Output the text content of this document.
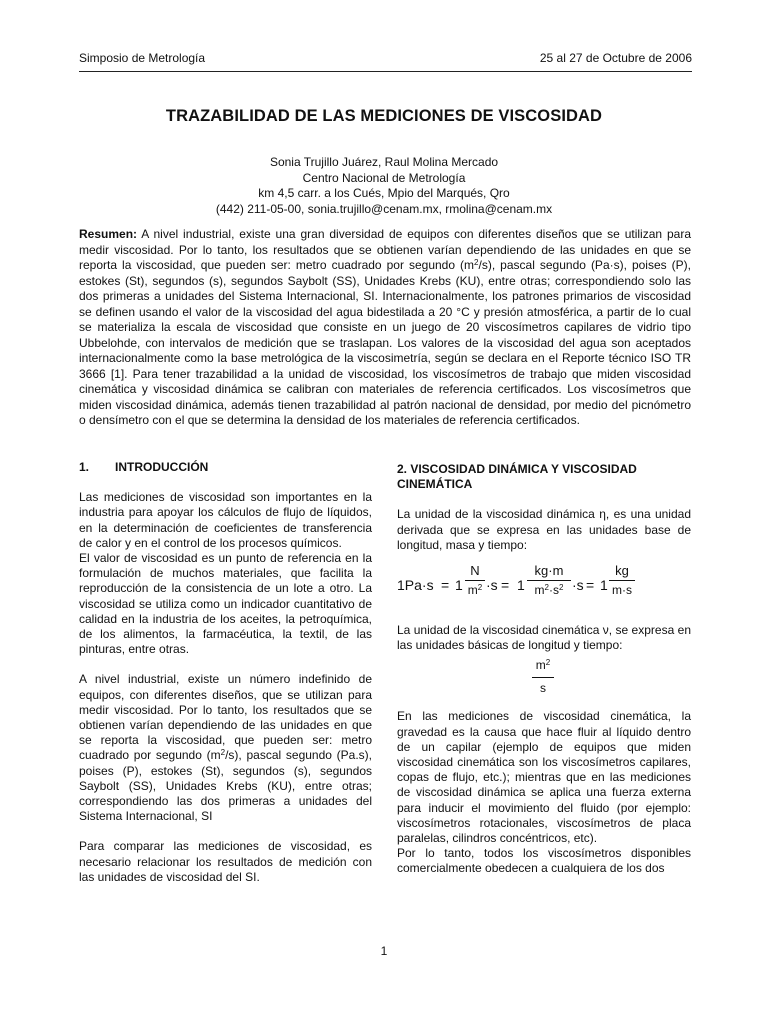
Simposio de Metrología	25 al 27 de Octubre de 2006
TRAZABILIDAD DE LAS MEDICIONES DE VISCOSIDAD
Sonia Trujillo Juárez, Raul Molina Mercado
Centro Nacional de Metrología
km 4,5 carr. a los Cués, Mpio del Marqués, Qro
(442) 211-05-00, sonia.trujillo@cenam.mx, rmolina@cenam.mx

Resumen: A nivel industrial, existe una gran diversidad de equipos con diferentes diseños que se utilizan para medir viscosidad. Por lo tanto, los resultados que se obtienen varían dependiendo de las unidades en que se reporta la viscosidad, que pueden ser: metro cuadrado por segundo $(m^2/s)$, pascal segundo (Pa·s), poises (P), estokes (St), segundos (s), segundos Saybolt (SS), Unidades Krebs (KU), entre otras; correspondiendo solo las dos primeras a unidades del Sistema Internacional, SI. Internacionalmente, los patrones primarios de viscosidad se definen usando el valor de la viscosidad del agua bidestilada a 20 °C y presión atmosférica, a partir de lo cual se materializa la escala de viscosidad que consiste en un juego de 20 viscosímetros capilares de vidrio tipo Ubbelohde, con intervalos de medición que se traslapan. Los valores de la viscosidad del agua son aceptados internacionalmente como la base metrológica de la viscosimetría, según se declara en el Reporte técnico ISO TR 3666 [1]. Para tener trazabilidad a la unidad de viscosidad, los viscosímetros de trabajo que miden viscosidad cinemática y viscosidad dinámica se calibran con materiales de referencia certificados. Los viscosímetros que miden viscosidad dinámica, además tienen trazabilidad al patrón nacional de densidad, por medio del picnómetro o densímetro con el que se determina la densidad de los materiales de referencia certificados.

1. INTRODUCCIÓN

Las mediciones de viscosidad son importantes en la industria para apoyar los cálculos de flujo de líquidos, en la determinación de coeficientes de transferencia de calor y en el control de los procesos químicos.

El valor de viscosidad es un punto de referencia en la formulación de muchos materiales, que facilita la reproducción de la consistencia de un lote a otro. La viscosidad se utiliza como un indicador cuantitativo de calidad en la industria de los aceites, la petroquímica, de los alimentos, la farmacéutica, la textil, de las pinturas, entre otras.

A nivel industrial, existe un número indefinido de equipos, con diferentes diseños, que se utilizan para medir viscosidad. Por lo tanto, los resultados que se obtienen varían dependiendo de las unidades en que se reporta la viscosidad, que pueden ser: metro cuadrado por segundo $(m^2/s)$, pascal segundo (Pa.s), poises (P), estokes (St), segundos (s), segundos Saybolt (SS), Unidades Krebs (KU), entre otras; correspondiendo las dos primeras a unidades del Sistema Internacional, SI

Para comparar las mediciones de viscosidad, es necesario relacionar los resultados de medición con las unidades de viscosidad del SI.

2. VISCOSIDAD DINÁMICA Y VISCOSIDAD CINEMÁTICA

La unidad de la viscosidad dinámica η, es una unidad derivada que se expresa en las unidades base de longitud, masa y tiempo:

1Pa·s = 1
N
$m^2 \cdot s = 1$
kg·m
$m^2\cdot s^2 \cdot s = 1$
kg
m·s

La unidad de la viscosidad cinemática ν, se expresa en las unidades básicas de longitud y tiempo:

$m^2$
s

En las mediciones de viscosidad cinemática, la gravedad es la causa que hace fluir al líquido dentro de un capilar (ejemplo de equipos que miden viscosidad cinemática son los viscosímetros capilares, copas de flujo, etc.); mientras que en las mediciones de viscosidad dinámica se aplica una fuerza externa para inducir el movimiento del fluido (por ejemplo: viscosímetros rotacionales, viscosímetros de placa paralelas, cilindros concéntricos, etc).

Por lo tanto, todos los viscosímetros disponibles comercialmente obedecen a cualquiera de los dos

1
